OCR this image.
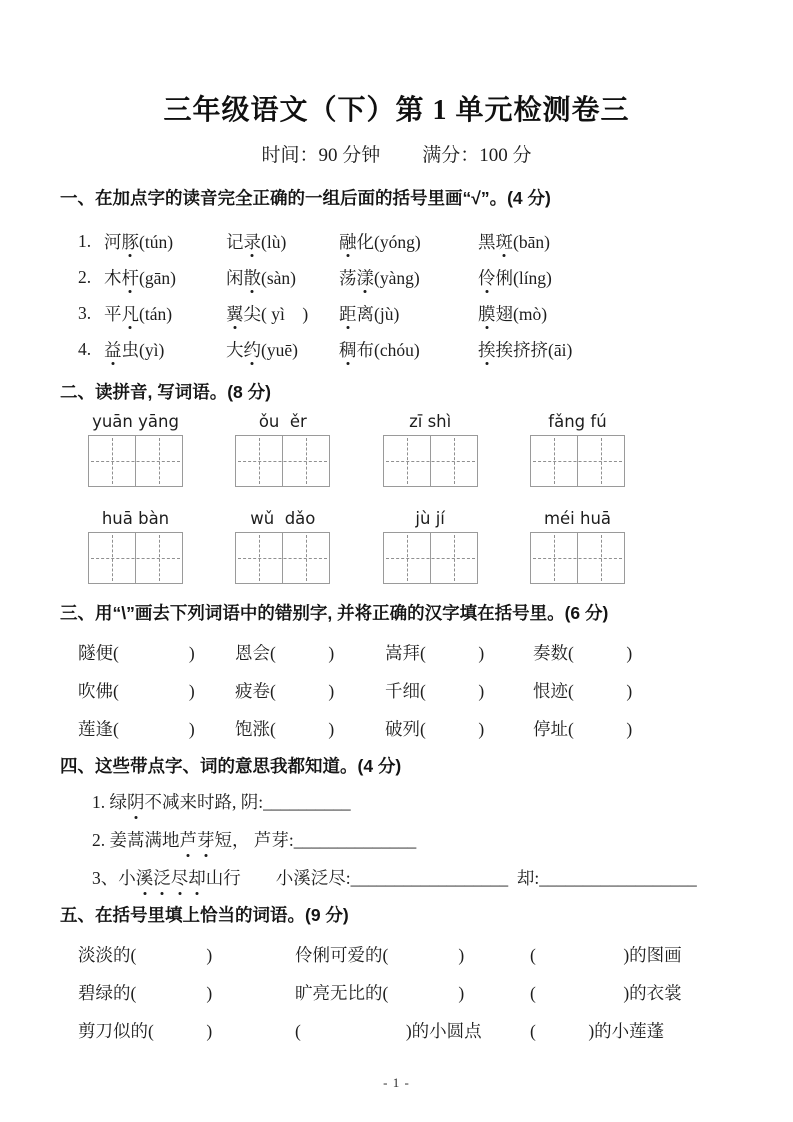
三年级语文（下）第 1 单元检测卷三
时间：90 分钟 满分：100 分
一、在加点字的读音完全正确的一组后面的括号里画“√”。(4 分)
1. 河豚(tún)	记录(lù)	融化(yóng)	黑斑(bān)
2. 木杆(gān)	闲散(sàn)	荡漾(yàng)	伶俐(líng)
3. 平凡(tán)	翼尖( yì　)	距离(jù)	膜翅(mò)
4. 益虫(yì)	大约(yuē)	稠布(chóu)	挨挨挤挤(āi)
二、读拼音, 写词语。(8 分)
yuān yāng	ǒu  ěr	zī shì	fǎng fú
huā bàn	wǔ  dǎo	jù jí	méi huā
三、用“\”画去下列词语中的错别字, 并将正确的汉字填在括号里。(6 分)
隧便(　　　　)	恩会(　　　)	嵩拜(　　　)	奏数(　　　)
吹佛(　　　　)	疲卷(　　　)	千细(　　　)	恨迹(　　　)
莲逢(　　　　)	饱涨(　　　)	破列(　　　)	停址(　　　)
四、这些带点字、词的意思我都知道。(4 分)
1. 绿阴不减来时路, 阴:__________
2. 姜蒿满地芦芽短， 芦芽:______________
3、小溪泛尽却山行　　小溪泛尽:__________________  却:__________________
五、在括号里填上恰当的词语。(9 分)
淡淡的(　　　　)	伶俐可爱的(　　　　)	(　　　　　)的图画
碧绿的(　　　　)	旷亮无比的(　　　　)	(　　　　　)的衣裳
剪刀似的(　　　)	(　　　　　　)的小圆点	(　　　)的小莲蓬
- 1 -
